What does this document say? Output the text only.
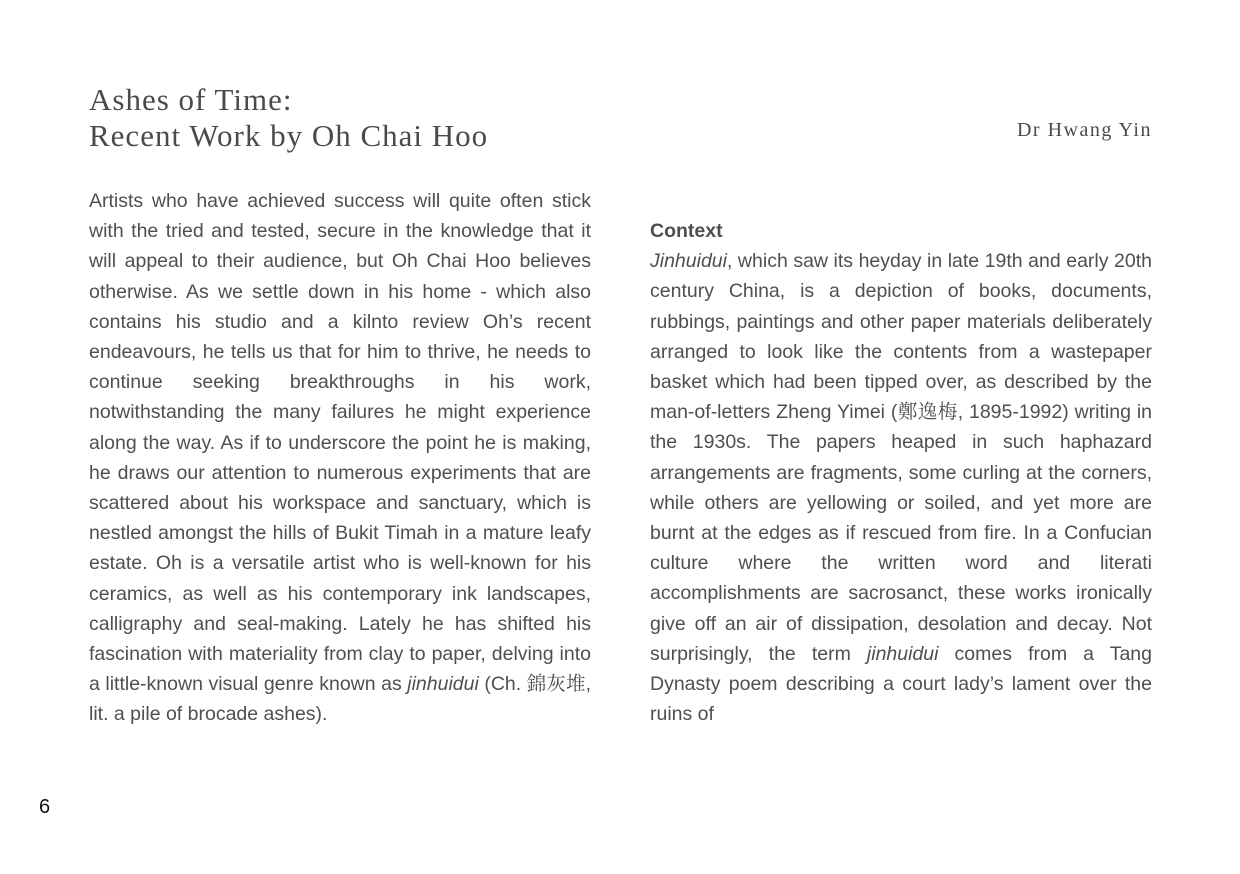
Ashes of Time:
Recent Work by Oh Chai Hoo	Dr Hwang Yin

Artists who have achieved success will quite often stick with the tried and tested, secure in the knowledge that it will appeal to their audience, but Oh Chai Hoo believes otherwise. As we settle down in his home - which also contains his studio and a kilnto review Oh’s recent endeavours, he tells us that for him to thrive, he needs to continue seeking breakthroughs in his work, notwithstanding the many failures he might experience along the way. As if to underscore the point he is making, he draws our attention to numerous experiments that are scattered about his workspace and sanctuary, which is nestled amongst the hills of Bukit Timah in a mature leafy estate. Oh is a versatile artist who is well-known for his ceramics, as well as his contemporary ink landscapes, calligraphy and seal-making. Lately he has shifted his fascination with materiality from clay to paper, delving into a little-known visual genre known as jinhuidui (Ch. 錦灰堆, lit. a pile of brocade ashes).

Context

Jinhuidui, which saw its heyday in late 19th and early 20th century China, is a depiction of books, documents, rubbings, paintings and other paper materials deliberately arranged to look like the contents from a wastepaper basket which had been tipped over, as described by the man-of-letters Zheng Yimei (鄭逸梅, 1895-1992) writing in the 1930s. The papers heaped in such haphazard arrangements are fragments, some curling at the corners, while others are yellowing or soiled, and yet more are burnt at the edges as if rescued from fire. In a Confucian culture where the written word and literati accomplishments are sacrosanct, these works ironically give off an air of dissipation, desolation and decay. Not surprisingly, the term jinhuidui comes from a Tang Dynasty poem describing a court lady’s lament over the ruins of

6
